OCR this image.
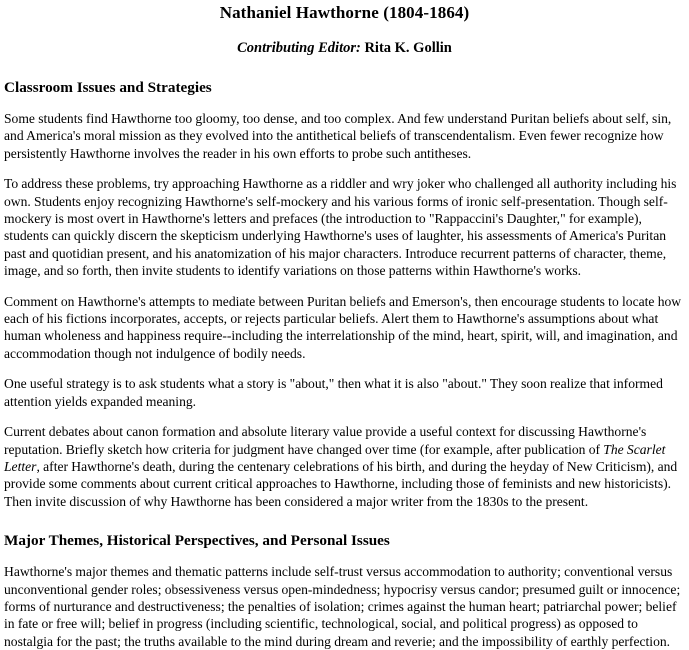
Nathaniel Hawthorne (1804-1864)
Contributing Editor: Rita K. Gollin
Classroom Issues and Strategies

Some students find Hawthorne too gloomy, too dense, and too complex. And few understand Puritan beliefs about self, sin, and America's moral mission as they evolved into the antithetical beliefs of transcendentalism. Even fewer recognize how persistently Hawthorne involves the reader in his own efforts to probe such antitheses.

To address these problems, try approaching Hawthorne as a riddler and wry joker who challenged all authority including his own. Students enjoy recognizing Hawthorne's self-mockery and his various forms of ironic self-presentation. Though self-mockery is most overt in Hawthorne's letters and prefaces (the introduction to "Rappaccini's Daughter," for example), students can quickly discern the skepticism underlying Hawthorne's uses of laughter, his assessments of America's Puritan past and quotidian present, and his anatomization of his major characters. Introduce recurrent patterns of character, theme, image, and so forth, then invite students to identify variations on those patterns within Hawthorne's works.

Comment on Hawthorne's attempts to mediate between Puritan beliefs and Emerson's, then encourage students to locate how each of his fictions incorporates, accepts, or rejects particular beliefs. Alert them to Hawthorne's assumptions about what human wholeness and happiness require--including the interrelationship of the mind, heart, spirit, will, and imagination, and accommodation though not indulgence of bodily needs.

One useful strategy is to ask students what a story is "about," then what it is also "about." They soon realize that informed attention yields expanded meaning.

Current debates about canon formation and absolute literary value provide a useful context for discussing Hawthorne's reputation. Briefly sketch how criteria for judgment have changed over time (for example, after publication of The Scarlet Letter, after Hawthorne's death, during the centenary celebrations of his birth, and during the heyday of New Criticism), and provide some comments about current critical approaches to Hawthorne, including those of feminists and new historicists). Then invite discussion of why Hawthorne has been considered a major writer from the 1830s to the present.

Major Themes, Historical Perspectives, and Personal Issues

Hawthorne's major themes and thematic patterns include self-trust versus accommodation to authority; conventional versus unconventional gender roles; obsessiveness versus open-mindedness; hypocrisy versus candor; presumed guilt or innocence; forms of nurturance and destructiveness; the penalties of isolation; crimes against the human heart; patriarchal power; belief in fate or free will; belief in progress (including scientific, technological, social, and political progress) as opposed to nostalgia for the past; the truths available to the mind during dream and reverie; and the impossibility of earthly perfection.
